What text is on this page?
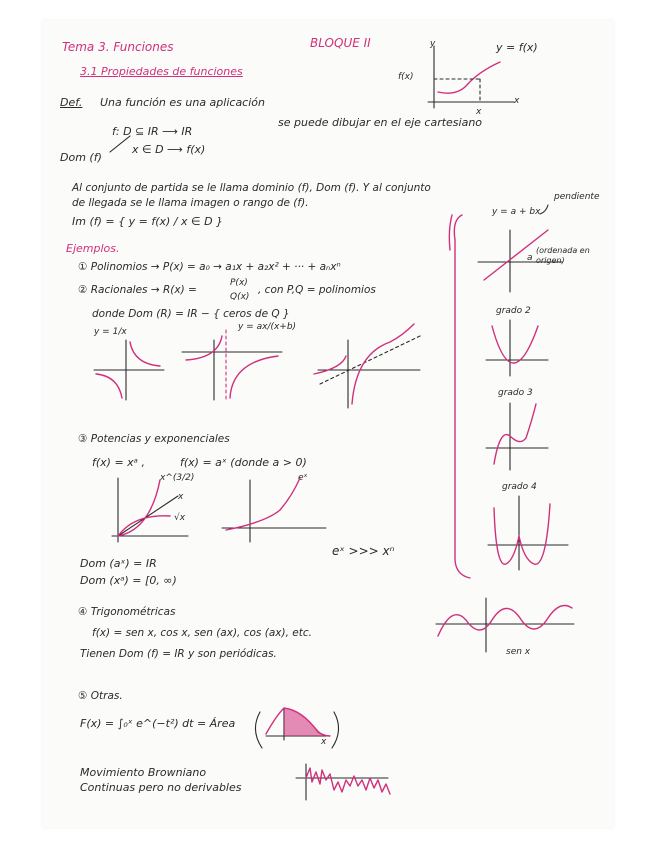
Tema 3. Funciones	BLOQUE II
3.1 Propiedades de funciones
Def. Una función es una aplicación
f: D ⊆ IR ⟶ IR
x ∈ D ⟶ f(x)
Dom (f)
se puede dibujar en el eje cartesiano
Al conjunto de partida se le llama dominio (f), Dom (f). Y al conjunto
de llegada se le llama imagen o rango de (f).
Im (f) = { y = f(x) / x ∈ D }
y
x
f(x)
x
y = f(x)
Ejemplos.
① Polinomios → P(x) = a₀ → a₁x + a₂x² + ··· + aₙxⁿ
② Racionales → R(x) =
P(x)
Q(x)
, con P,Q = polinomios
donde Dom (R) = IR − { ceros de Q }
y = 1/x	y = ax/(x+b)
③ Potencias y exponenciales
f(x) = xᵃ ,	f(x) = aˣ (donde a > 0)
x^(3/2)
x
√x
eˣ
eˣ >>> xⁿ
Dom (aˣ) = IR
Dom (xᵃ) = [0, ∞)
④ Trigonométricas
f(x) = sen x, cos x, sen (ax), cos (ax), etc.
Tienen Dom (f) = IR y son periódicas.	sen x
⑤ Otras.
F(x) = ∫₀ˣ e^(−t²) dt = Área
x
Movimiento Browniano
Continuas pero no derivables
y = a + bx
pendiente
(ordenada en origen)
a
grado 2
grado 3
grado 4
